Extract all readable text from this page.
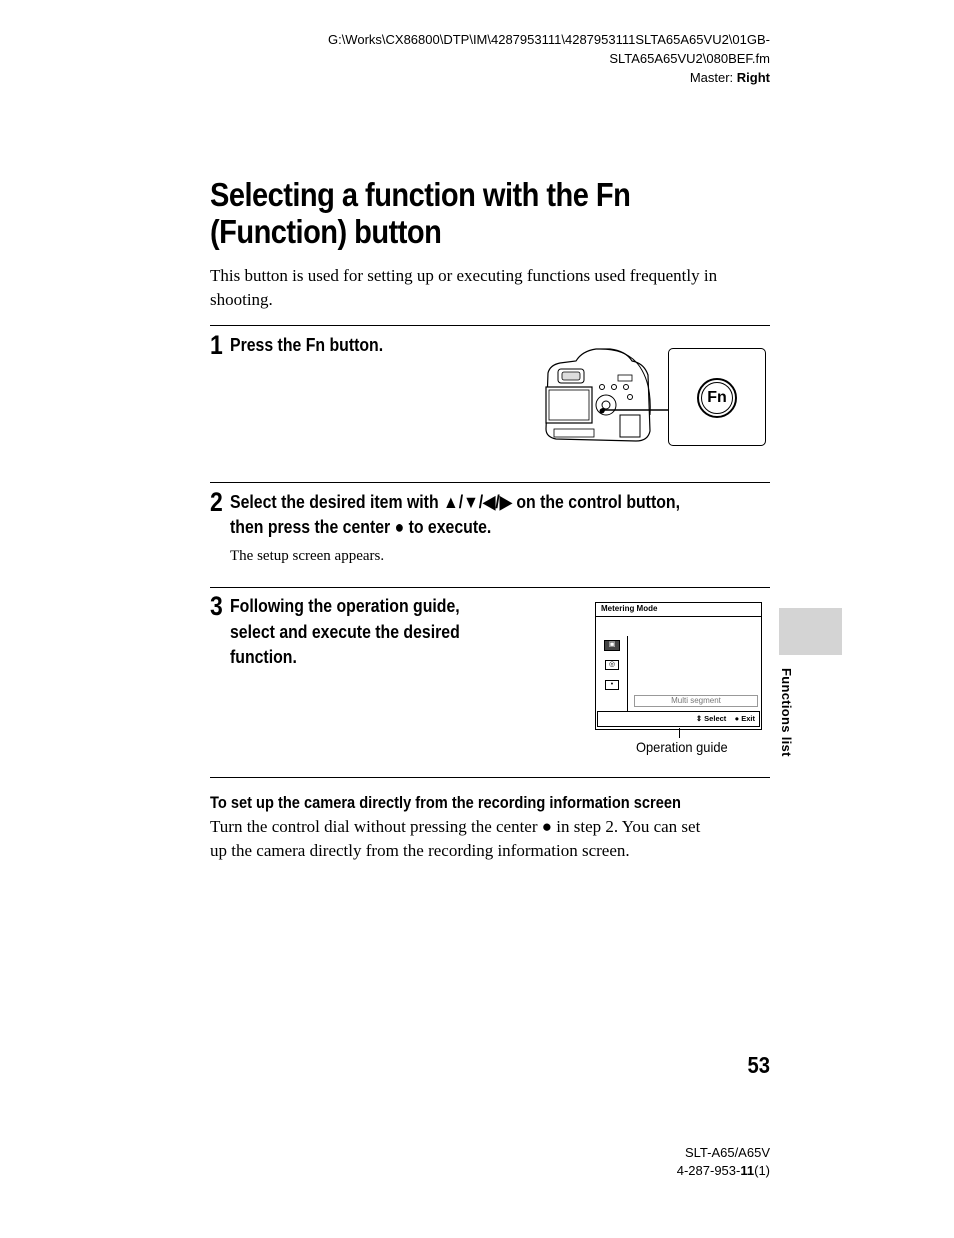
G:\Works\CX86800\DTP\IM\4287953111\4287953111SLTA65A65VU2\01GB-
SLTA65A65VU2\080BEF.fm
Master: Right
Selecting a function with the Fn
(Function) button
This button is used for setting up or executing functions used frequently in
shooting.
1 Press the Fn button.
Fn
2 Select the desired item with ▲/▼/◀/▶ on the control button,
then press the center ● to execute.
The setup screen appears.
3 Following the operation guide,
select and execute the desired
function.
Metering Mode
▣
◎
•
Multi segment
⇕ Select ● Exit
Operation guide	Functions list
To set up the camera directly from the recording information screen
Turn the control dial without pressing the center ● in step 2. You can set
up the camera directly from the recording information screen.
53
SLT-A65/A65V
4-287-953-11(1)
